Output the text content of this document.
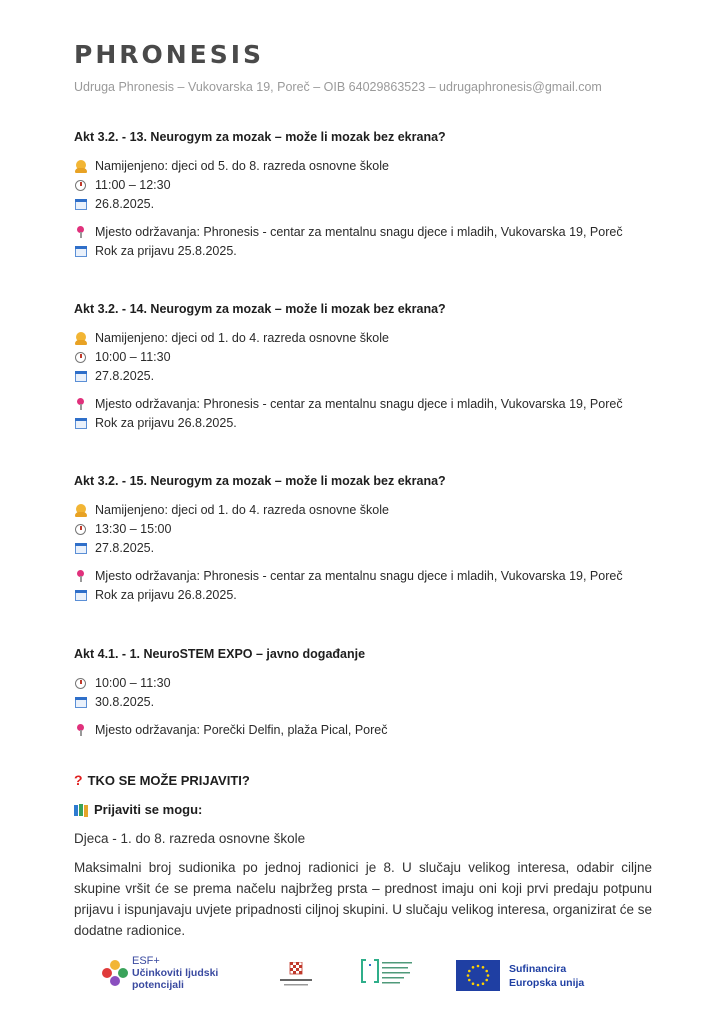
PHRONESIS
Udruga Phronesis – Vukovarska 19, Poreč – OIB 64029863523 – udrugaphronesis@gmail.com
Akt 3.2. - 13. Neurogym za mozak – može li mozak bez ekrana?
Namijenjeno: djeci od 5. do 8. razreda osnovne škole
11:00 – 12:30
26.8.2025.
Mjesto održavanja: Phronesis - centar za mentalnu snagu djece i mladih, Vukovarska 19, Poreč
Rok za prijavu 25.8.2025.
Akt 3.2. - 14. Neurogym za mozak – može li mozak bez ekrana?
Namijenjeno: djeci od 1. do 4. razreda osnovne škole
10:00 – 11:30
27.8.2025.
Mjesto održavanja: Phronesis - centar za mentalnu snagu djece i mladih, Vukovarska 19, Poreč
Rok za prijavu 26.8.2025.
Akt 3.2. - 15. Neurogym za mozak – može li mozak bez ekrana?
Namijenjeno: djeci od 1. do 4. razreda osnovne škole
13:30 – 15:00
27.8.2025.
Mjesto održavanja: Phronesis - centar za mentalnu snagu djece i mladih, Vukovarska 19, Poreč
Rok za prijavu 26.8.2025.
Akt 4.1. - 1. NeuroSTEM EXPO – javno događanje
10:00 – 11:30
30.8.2025.
Mjesto održavanja: Porečki Delfin, plaža Pical, Poreč
? TKO SE MOŽE PRIJAVITI?
Prijaviti se mogu:
Djeca - 1. do 8. razreda osnovne škole
Maksimalni broj sudionika po jednoj radionici je 8. U slučaju velikog interesa, odabir ciljne skupine vršit će se prema načelu najbržeg prsta – prednost imaju oni koji prvi predaju potpunu prijavu i ispunjavaju uvjete pripadnosti ciljnoj skupini. U slučaju velikog interesa, organizirat će se dodatne radionice.
ESF+
Učinkoviti ljudski
potencijali
Sufinancira
Europska unija
